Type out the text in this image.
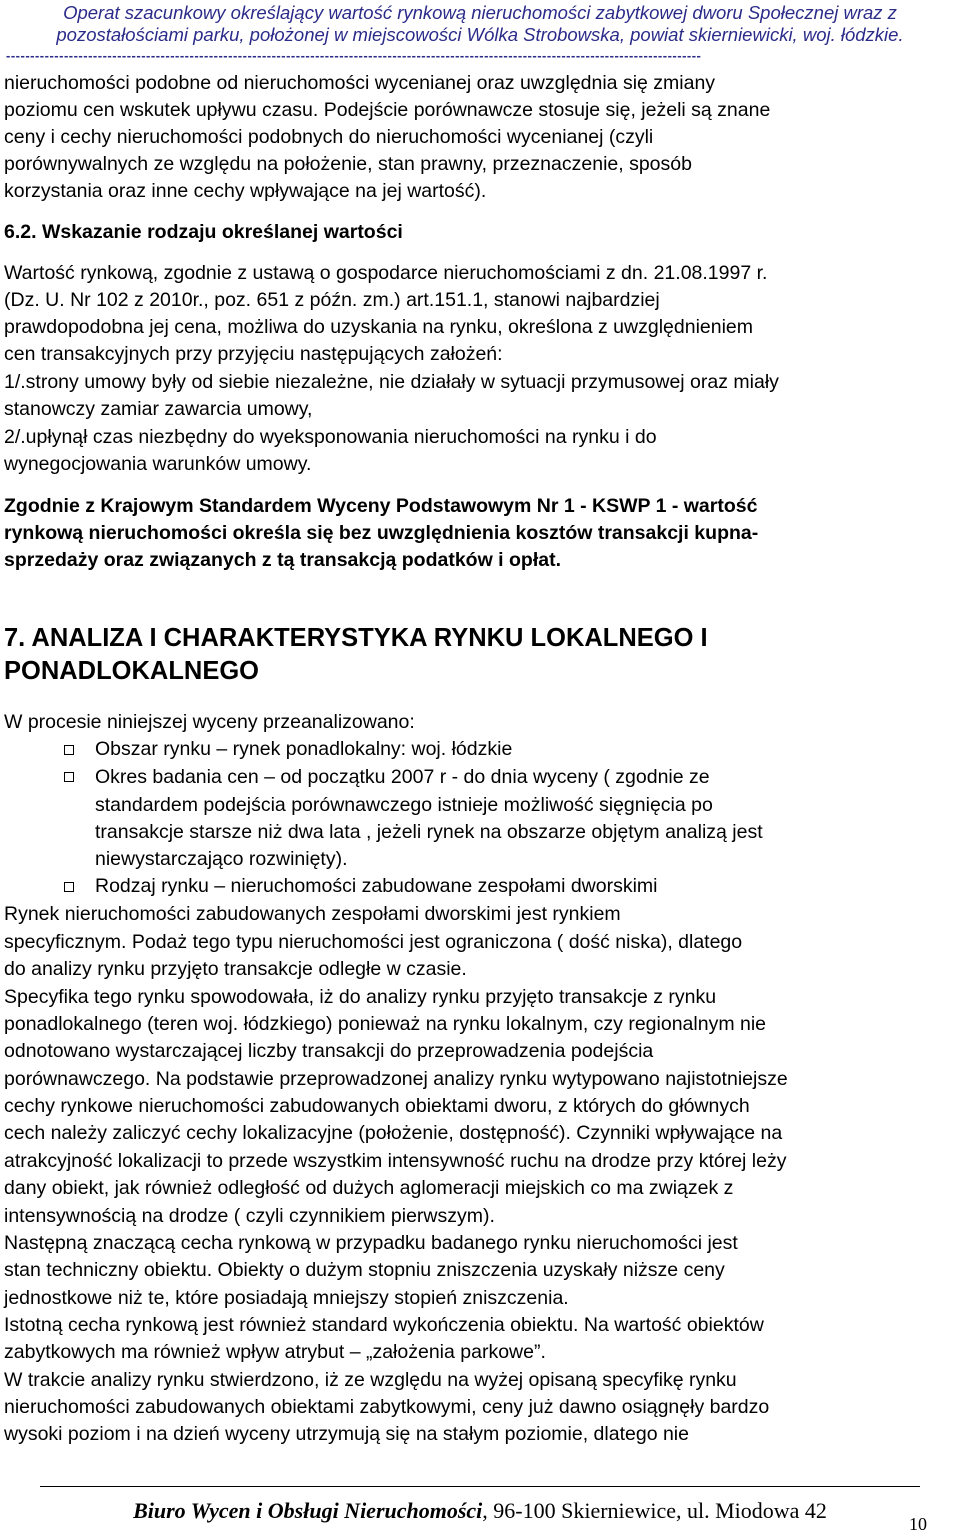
Operat szacunkowy określający wartość rynkową nieruchomości zabytkowej dworu Społecznej wraz z
pozostałościami parku, położonej w miejscowości Wólka Strobowska, powiat skierniewicki, woj. łódzkie.
------------------------------------------------------------------------------------------------------------------------------------------------
nieruchomości podobne od nieruchomości wycenianej oraz uwzględnia się zmiany
poziomu cen wskutek upływu czasu. Podejście porównawcze stosuje się, jeżeli są znane
ceny i cechy nieruchomości podobnych do nieruchomości wycenianej (czyli
porównywalnych ze względu na położenie, stan prawny, przeznaczenie, sposób
korzystania oraz inne cechy wpływające na jej wartość).
6.2. Wskazanie rodzaju określanej wartości
Wartość rynkową, zgodnie z ustawą o gospodarce nieruchomościami z dn. 21.08.1997 r.
(Dz. U. Nr 102 z 2010r., poz. 651 z późn. zm.) art.151.1, stanowi najbardziej
prawdopodobna jej cena, możliwa do uzyskania na rynku, określona z uwzględnieniem
cen transakcyjnych przy przyjęciu następujących założeń:
1/.strony umowy były od siebie niezależne, nie działały w sytuacji przymusowej oraz miały
stanowczy zamiar zawarcia umowy,
2/.upłynął czas niezbędny do wyeksponowania nieruchomości na rynku i do
wynegocjowania warunków umowy.
Zgodnie z Krajowym Standardem Wyceny Podstawowym Nr 1 - KSWP 1 - wartość
rynkową nieruchomości określa się bez uwzględnienia kosztów transakcji kupna-
sprzedaży oraz związanych z tą transakcją podatków i opłat.
7. ANALIZA I CHARAKTERYSTYKA RYNKU LOKALNEGO I
PONADLOKALNEGO
W procesie niniejszej wyceny przeanalizowano:
Obszar rynku – rynek ponadlokalny: woj. łódzkie
Okres badania cen – od początku 2007 r - do dnia wyceny ( zgodnie ze
standardem podejścia porównawczego istnieje możliwość sięgnięcia po
transakcje starsze niż dwa lata , jeżeli rynek na obszarze objętym analizą jest
niewystarczająco rozwinięty).
Rodzaj rynku – nieruchomości zabudowane zespołami dworskimi
Rynek nieruchomości zabudowanych zespołami dworskimi jest rynkiem
specyficznym. Podaż tego typu nieruchomości jest ograniczona ( dość niska), dlatego
do analizy rynku przyjęto transakcje odległe w czasie.
Specyfika tego rynku spowodowała, iż do analizy rynku przyjęto transakcje z rynku
ponadlokalnego (teren woj. łódzkiego) ponieważ na rynku lokalnym, czy regionalnym nie
odnotowano wystarczającej liczby transakcji do przeprowadzenia podejścia
porównawczego. Na podstawie przeprowadzonej analizy rynku wytypowano najistotniejsze
cechy rynkowe nieruchomości zabudowanych obiektami dworu, z których do głównych
cech należy zaliczyć cechy lokalizacyjne (położenie, dostępność). Czynniki wpływające na
atrakcyjność lokalizacji to przede wszystkim intensywność ruchu na drodze przy której leży
dany obiekt, jak również odległość od dużych aglomeracji miejskich co ma związek z
intensywnością na drodze ( czyli czynnikiem pierwszym).
Następną znaczącą cecha rynkową w przypadku badanego rynku nieruchomości jest
stan techniczny obiektu. Obiekty o dużym stopniu zniszczenia uzyskały niższe ceny
jednostkowe niż te, które posiadają mniejszy stopień zniszczenia.
Istotną cecha rynkową jest również standard wykończenia obiektu. Na wartość obiektów
zabytkowych ma również wpływ atrybut – „założenia parkowe”.
W trakcie analizy rynku stwierdzono, iż ze względu na wyżej opisaną specyfikę rynku
nieruchomości zabudowanych obiektami zabytkowymi, ceny już dawno osiągnęły bardzo
wysoki poziom i na dzień wyceny utrzymują się na stałym poziomie, dlatego nie
Biuro Wycen i Obsługi Nieruchomości, 96-100 Skierniewice, ul. Miodowa 42
10
